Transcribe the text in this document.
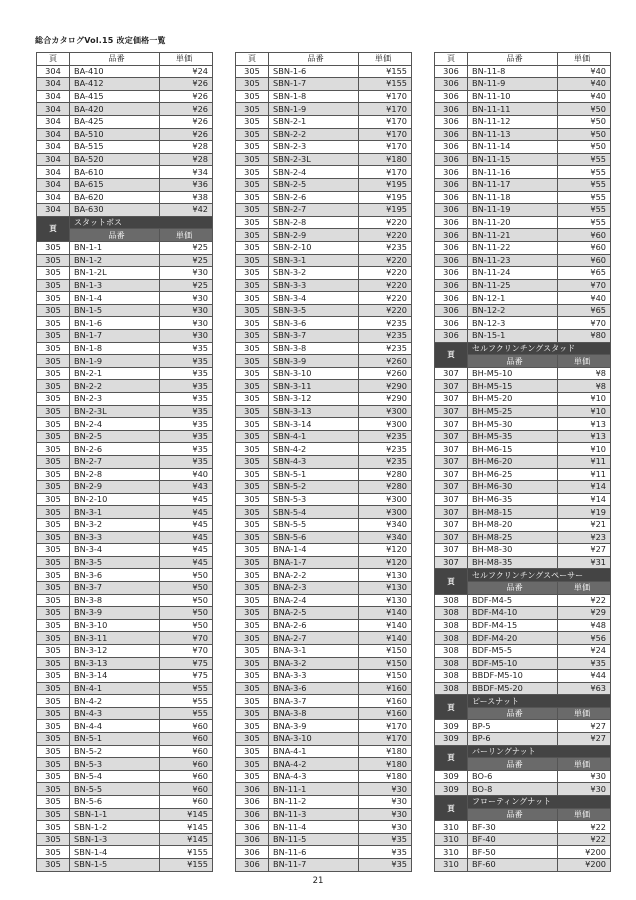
総合カタログVol.15 改定価格一覧
頁	品番	単価
304	BA-410	¥24
304	BA-412	¥26
304	BA-415	¥26
304	BA-420	¥26
304	BA-425	¥26
304	BA-510	¥26
304	BA-515	¥28
304	BA-520	¥28
304	BA-610	¥34
304	BA-615	¥36
304	BA-620	¥38
304	BA-630	¥42
頁	スタットボス	
	品番	単価
305	BN-1-1	¥25
305	BN-1-2	¥25
305	BN-1-2L	¥30
305	BN-1-3	¥25
305	BN-1-4	¥30
305	BN-1-5	¥30
305	BN-1-6	¥30
305	BN-1-7	¥30
305	BN-1-8	¥35
305	BN-1-9	¥35
305	BN-2-1	¥35
305	BN-2-2	¥35
305	BN-2-3	¥35
305	BN-2-3L	¥35
305	BN-2-4	¥35
305	BN-2-5	¥35
305	BN-2-6	¥35
305	BN-2-7	¥35
305	BN-2-8	¥40
305	BN-2-9	¥43
305	BN-2-10	¥45
305	BN-3-1	¥45
305	BN-3-2	¥45
305	BN-3-3	¥45
305	BN-3-4	¥45
305	BN-3-5	¥45
305	BN-3-6	¥50
305	BN-3-7	¥50
305	BN-3-8	¥50
305	BN-3-9	¥50
305	BN-3-10	¥50
305	BN-3-11	¥70
305	BN-3-12	¥70
305	BN-3-13	¥75
305	BN-3-14	¥75
305	BN-4-1	¥55
305	BN-4-2	¥55
305	BN-4-3	¥55
305	BN-4-4	¥60
305	BN-5-1	¥60
305	BN-5-2	¥60
305	BN-5-3	¥60
305	BN-5-4	¥60
305	BN-5-5	¥60
305	BN-5-6	¥60
305	SBN-1-1	¥145
305	SBN-1-2	¥145
305	SBN-1-3	¥145
305	SBN-1-4	¥155
305	SBN-1-5	¥155
頁	品番	単価
305	SBN-1-6	¥155
305	SBN-1-7	¥155
305	SBN-1-8	¥170
305	SBN-1-9	¥170
305	SBN-2-1	¥170
305	SBN-2-2	¥170
305	SBN-2-3	¥170
305	SBN-2-3L	¥180
305	SBN-2-4	¥170
305	SBN-2-5	¥195
305	SBN-2-6	¥195
305	SBN-2-7	¥195
305	SBN-2-8	¥220
305	SBN-2-9	¥220
305	SBN-2-10	¥235
305	SBN-3-1	¥220
305	SBN-3-2	¥220
305	SBN-3-3	¥220
305	SBN-3-4	¥220
305	SBN-3-5	¥220
305	SBN-3-6	¥235
305	SBN-3-7	¥235
305	SBN-3-8	¥235
305	SBN-3-9	¥260
305	SBN-3-10	¥260
305	SBN-3-11	¥290
305	SBN-3-12	¥290
305	SBN-3-13	¥300
305	SBN-3-14	¥300
305	SBN-4-1	¥235
305	SBN-4-2	¥235
305	SBN-4-3	¥235
305	SBN-5-1	¥280
305	SBN-5-2	¥280
305	SBN-5-3	¥300
305	SBN-5-4	¥300
305	SBN-5-5	¥340
305	SBN-5-6	¥340
305	BNA-1-4	¥120
305	BNA-1-7	¥120
305	BNA-2-2	¥130
305	BNA-2-3	¥130
305	BNA-2-4	¥130
305	BNA-2-5	¥140
305	BNA-2-6	¥140
305	BNA-2-7	¥140
305	BNA-3-1	¥150
305	BNA-3-2	¥150
305	BNA-3-3	¥150
305	BNA-3-6	¥160
305	BNA-3-7	¥160
305	BNA-3-8	¥160
305	BNA-3-9	¥170
305	BNA-3-10	¥170
305	BNA-4-1	¥180
305	BNA-4-2	¥180
305	BNA-4-3	¥180
306	BN-11-1	¥30
306	BN-11-2	¥30
306	BN-11-3	¥30
306	BN-11-4	¥30
306	BN-11-5	¥35
306	BN-11-6	¥35
306	BN-11-7	¥35
頁	品番	単価
306	BN-11-8	¥40
306	BN-11-9	¥40
306	BN-11-10	¥40
306	BN-11-11	¥50
306	BN-11-12	¥50
306	BN-11-13	¥50
306	BN-11-14	¥50
306	BN-11-15	¥55
306	BN-11-16	¥55
306	BN-11-17	¥55
306	BN-11-18	¥55
306	BN-11-19	¥55
306	BN-11-20	¥55
306	BN-11-21	¥60
306	BN-11-22	¥60
306	BN-11-23	¥60
306	BN-11-24	¥65
306	BN-11-25	¥70
306	BN-12-1	¥40
306	BN-12-2	¥65
306	BN-12-3	¥70
306	BN-15-1	¥80
頁	セルフクリンチングスタッド	
	品番	単価
307	BH-M5-10	¥8
307	BH-M5-15	¥8
307	BH-M5-20	¥10
307	BH-M5-25	¥10
307	BH-M5-30	¥13
307	BH-M5-35	¥13
307	BH-M6-15	¥10
307	BH-M6-20	¥11
307	BH-M6-25	¥11
307	BH-M6-30	¥14
307	BH-M6-35	¥14
307	BH-M8-15	¥19
307	BH-M8-20	¥21
307	BH-M8-25	¥23
307	BH-M8-30	¥27
307	BH-M8-35	¥31
頁	セルフクリンチングスペーサー	
	品番	単価
308	BDF-M4-5	¥22
308	BDF-M4-10	¥29
308	BDF-M4-15	¥48
308	BDF-M4-20	¥56
308	BDF-M5-5	¥24
308	BDF-M5-10	¥35
308	BBDF-M5-10	¥44
308	BBDF-M5-20	¥63
頁	ピースナット	
	品番	単価
309	BP-5	¥27
309	BP-6	¥27
頁	バーリングナット	
	品番	単価
309	BO-6	¥30
309	BO-8	¥30
頁	フローティングナット	
	品番	単価
310	BF-30	¥22
310	BF-40	¥22
310	BF-50	¥200
310	BF-60	¥200
21
